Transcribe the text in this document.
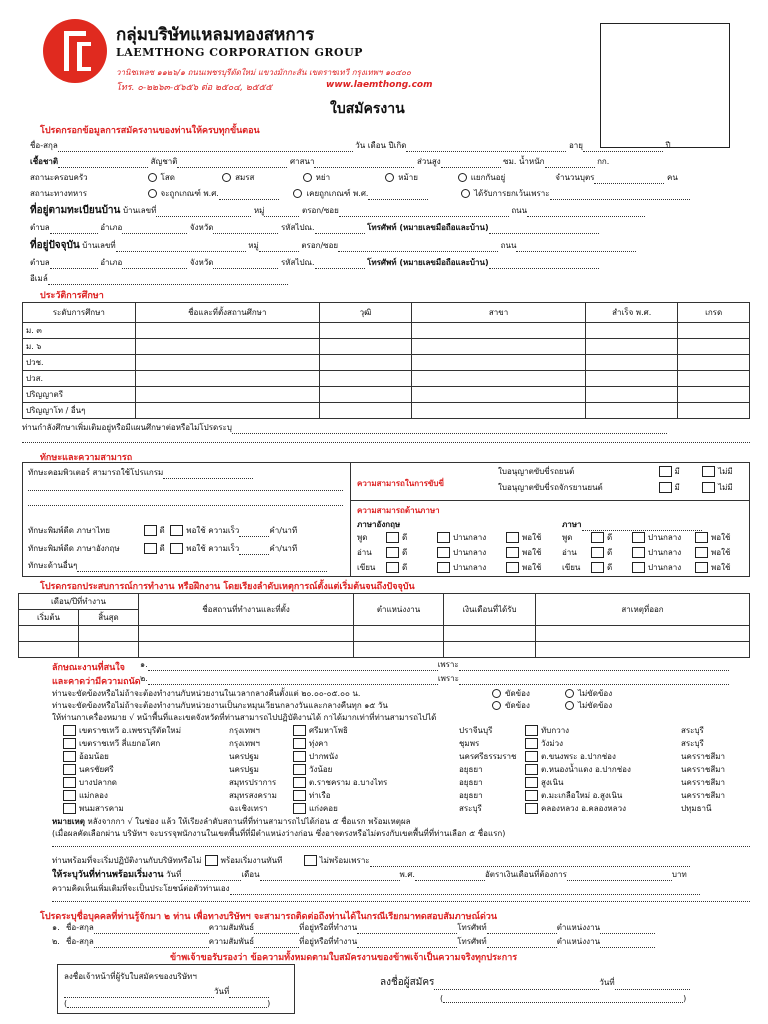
กลุ่มบริษัทแหลมทองสหการ
LAEMTHONG CORPORATION GROUP
วานิชเพลซ ๑๑๒๖/๑ ถนนเพชรบุรีตัดใหม่ แขวงมักกะสัน เขตราชเทวี กรุงเทพฯ ๑๐๔๐๐
โทร. ๐-๒๒๖๓-๕๖๕๖ ต่อ ๒๕๐๔, ๒๕๕๕	www.laemthong.com
ใบสมัครงาน
โปรดกรอกข้อมูลการสมัครงานของท่านให้ครบทุกขั้นตอน
ชื่อ-สกุล	วัน เดือน ปีเกิด	อายุ	ปี
เชื้อชาติ	สัญชาติ	ศาสนา	ส่วนสูง	ซม. น้ำหนัก	กก.
สถานะครอบครัว	โสด	สมรส	หย่า	หม้าย	แยกกันอยู่	จำนวนบุตร	คน
สถานะทางทหาร	จะถูกเกณฑ์ พ.ศ.	เคยถูกเกณฑ์ พ.ศ.	ได้รับการยกเว้นเพราะ
ที่อยู่ตามทะเบียนบ้าน บ้านเลขที่	หมู่	ตรอก/ซอย	ถนน
ตำบล	อำเภอ	จังหวัด	รหัสไปณ.	โทรศัพท์ (หมายเลขมือถือและบ้าน)
ที่อยู่ปัจจุบัน บ้านเลขที่	หมู่	ตรอก/ซอย	ถนน
ตำบล	อำเภอ	จังหวัด	รหัสไปณ.	โทรศัพท์ (หมายเลขมือถือและบ้าน)
อีเมล์
ประวัติการศึกษา
ระดับการศึกษา	ชื่อและที่ตั้งสถานศึกษา	วุฒิ	สาขา	สำเร็จ พ.ศ.	เกรด
ม. ๓					
ม. ๖					
ปวช.					
ปวส.					
ปริญญาตรี					
ปริญญาโท / อื่นๆ					
ท่านกำลังศึกษาเพิ่มเติมอยู่หรือมีแผนศึกษาต่อหรือไม่โปรดระบุ
ทักษะและความสามารถ
ทักษะคอมพิวเตอร์ สามารถใช้โปรแกรม
ทักษะพิมพ์ดีด ภาษาไทย	ดี	พอใช้ ความเร็ว	คำ/นาที
ทักษะพิมพ์ดีด ภาษาอังกฤษ	ดี	พอใช้ ความเร็ว	คำ/นาที
ทักษะด้านอื่นๆ
ความสามารถในการขับขี่
ใบอนุญาตขับขี่รถยนต์	มี	ไม่มี
ใบอนุญาตขับขี่รถจักรยานยนต์	มี	ไม่มี
ความสามารถด้านภาษา
ภาษาอังกฤษ	ภาษา
พูด	ดี	ปานกลาง	พอใช้
อ่าน	ดี	ปานกลาง	พอใช้
เขียน	ดี	ปานกลาง	พอใช้
พูด	ดี	ปานกลาง	พอใช้
อ่าน	ดี	ปานกลาง	พอใช้
เขียน	ดี	ปานกลาง	พอใช้
โปรดกรอกประสบการณ์การทำงาน หรือฝึกงาน โดยเรียงลำดับเหตุการณ์ตั้งแต่เริ่มต้นจนถึงปัจจุบัน
เดือน/ปีที่ทำงาน		ชื่อสถานที่ทำงานและที่ตั้ง	ตำแหน่งงาน	เงินเดือนที่ได้รับ	สาเหตุที่ออก
เริ่มต้น	สิ้นสุด				

ลักษณะงานที่สนใจ
และคาดว่ามีความถนัด
๑.	เพราะ
๒.	เพราะ
ท่านจะขัดข้องหรือไม่ถ้าจะต้องทำงานกับหน่วยงานในเวลากลางคืนตั้งแต่ ๒๐.๐๐-๐๕.๐๐ น.	ขัดข้อง	ไม่ขัดข้อง
ท่านจะขัดข้องหรือไม่ถ้าจะต้องทำงานกับหน่วยงานเป็นกะหมุนเวียนกลางวันและกลางคืนทุก ๑๕ วัน	ขัดข้อง	ไม่ขัดข้อง
ให้ท่านกาเครื่องหมาย √ หน้าพื้นที่และเขตจังหวัดที่ท่านสามารถไปปฏิบัติงานได้ กาได้มากเท่าที่ท่านสามารถไปได้
เขตราชเทวี อ.เพชรบุรีตัดใหม่	กรุงเทพฯ	ศรีมหาโพธิ	ปราจีนบุรี	ทับกวาง	สระบุรี
เขตราชเทวี สี่แยกอโศก	กรุงเทพฯ	ทุ่งคา	ชุมพร	วังม่วง	สระบุรี
อ้อมน้อย	นครปฐม	ปากพนัง	นครศรีธรรมราช	ต.ขนงพระ อ.ปากช่อง	นครราชสีมา
นครชัยศรี	นครปฐม	วังน้อย	อยุธยา	ต.หนองน้ำแดง อ.ปากช่อง	นครราชสีมา
บางปลากด	สมุทรปราการ	ต.ราชคราม อ.บางไทร	อยุธยา	สูงเนิน	นครราชสีมา
แม่กลอง	สมุทรสงคราม	ท่าเรือ	อยุธยา	ต.มะเกลือใหม่ อ.สูงเนิน	นครราชสีมา
พนมสารคาม	ฉะเชิงเทรา	แก่งคอย	สระบุรี	คลองหลวง อ.คลองหลวง	ปทุมธานี
หมายเหตุ หลังจากกา √ ในช่อง แล้ว ให้เรียงลำดับสถานที่ที่ท่านสามารถไปได้ก่อน ๕ ชื่อแรก พร้อมเหตุผล
(เมื่อผลคัดเลือกผ่าน บริษัทฯ จะบรรจุพนักงานในเขตพื้นที่ที่มีตำแหน่งว่างก่อน ซึ่งอาจตรงหรือไม่ตรงกับเขตพื้นที่ที่ท่านเลือก ๕ ชื่อแรก)
ท่านพร้อมที่จะเริ่มปฏิบัติงานกับบริษัทหรือไม่ พร้อมเริ่มงานทันที	ไม่พร้อมเพราะ
ให้ระบุวันที่ท่านพร้อมเริ่มงาน วันที่	เดือน	พ.ศ.	อัตราเงินเดือนที่ต้องการ	บาท
ความคิดเห็นเพิ่มเติมที่จะเป็นประโยชน์ต่อตัวท่านเอง
โปรดระบุชื่อบุคคลที่ท่านรู้จักมา ๒ ท่าน เพื่อทางบริษัทฯ จะสามารถติดต่อถึงท่านได้ในกรณีเรียกมาทดสอบสัมภาษณ์ด่วน
๑. ชื่อ-สกุล	ความสัมพันธ์	ที่อยู่หรือที่ทำงาน	โทรศัพท์	ตำแหน่งงาน
๒. ชื่อ-สกุล	ความสัมพันธ์	ที่อยู่หรือที่ทำงาน	โทรศัพท์	ตำแหน่งงาน
ข้าพเจ้าขอรับรองว่า ข้อความทั้งหมดตามใบสมัครงานของข้าพเจ้าเป็นความจริงทุกประการ
ลงชื่อเจ้าหน้าที่ผู้รับใบสมัครของบริษัทฯ
วันที่
(	)
ลงชื่อผู้สมัคร	วันที่
(	)
